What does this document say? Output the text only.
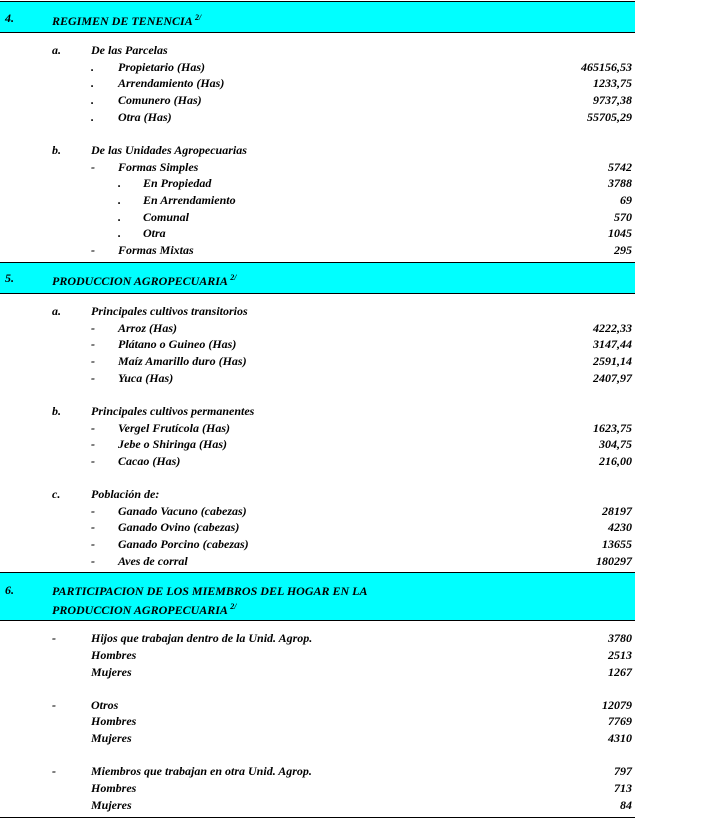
4.	REGIMEN DE TENENCIA $^{2/}$
a.	De las Parcelas
. Propietario (Has)	465156,53
. Arrendamiento (Has)	1233,75
. Comunero (Has)	9737,38
. Otra (Has)	55705,29
b.	De las Unidades Agropecuarias
- Formas Simples	5742
. En Propiedad	3788
. En Arrendamiento	69
. Comunal	570
. Otra	1045
- Formas Mixtas	295
5.	PRODUCCION AGROPECUARIA $^{2/}$
a.	Principales cultivos transitorios
- Arroz (Has)	4222,33
- Plátano o Guineo (Has)	3147,44
- Maíz Amarillo duro (Has)	2591,14
- Yuca (Has)	2407,97
b.	Principales cultivos permanentes
- Vergel Frutícola (Has)	1623,75
- Jebe o Shiringa (Has)	304,75
- Cacao (Has)	216,00
c.	Población de:
- Ganado Vacuno (cabezas)	28197
- Ganado Ovino (cabezas)	4230
- Ganado Porcino (cabezas)	13655
- Aves de corral	180297
6.	PARTICIPACION DE LOS MIEMBROS DEL HOGAR EN LA
PRODUCCION AGROPECUARIA $^{2/}$
-	Hijos que trabajan dentro de la Unid. Agrop.	3780
Hombres	2513
Mujeres	1267
-	Otros	12079
Hombres	7769
Mujeres	4310
-	Miembros que trabajan en otra Unid. Agrop.	797
Hombres	713
Mujeres	84
